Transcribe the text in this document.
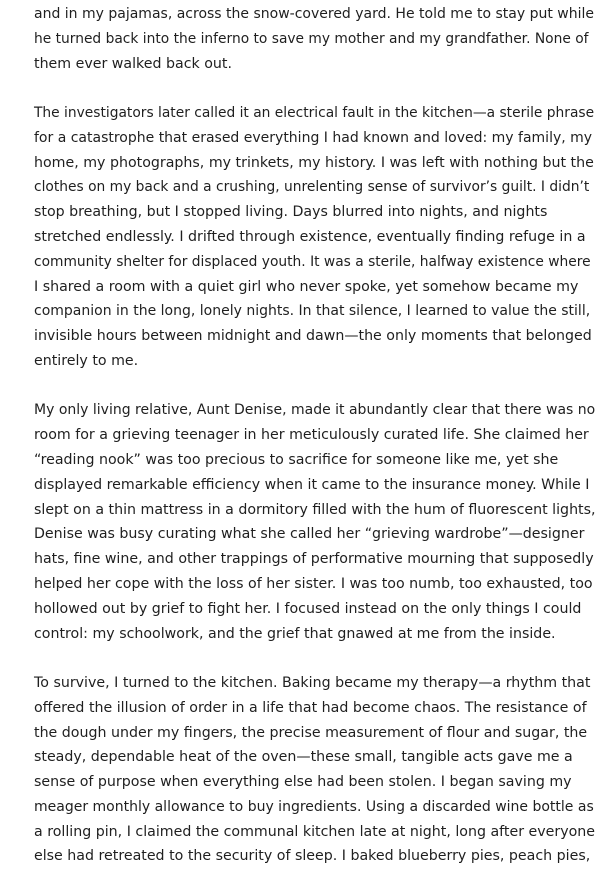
and in my pajamas, across the snow-covered yard. He told me to stay put while
he turned back into the inferno to save my mother and my grandfather. None of
them ever walked back out.
The investigators later called it an electrical fault in the kitchen—a sterile phrase
for a catastrophe that erased everything I had known and loved: my family, my
home, my photographs, my trinkets, my history. I was left with nothing but the
clothes on my back and a crushing, unrelenting sense of survivor’s guilt. I didn’t
stop breathing, but I stopped living. Days blurred into nights, and nights
stretched endlessly. I drifted through existence, eventually finding refuge in a
community shelter for displaced youth. It was a sterile, halfway existence where
I shared a room with a quiet girl who never spoke, yet somehow became my
companion in the long, lonely nights. In that silence, I learned to value the still,
invisible hours between midnight and dawn—the only moments that belonged
entirely to me.
My only living relative, Aunt Denise, made it abundantly clear that there was no
room for a grieving teenager in her meticulously curated life. She claimed her
“reading nook” was too precious to sacrifice for someone like me, yet she
displayed remarkable efficiency when it came to the insurance money. While I
slept on a thin mattress in a dormitory filled with the hum of fluorescent lights,
Denise was busy curating what she called her “grieving wardrobe”—designer
hats, fine wine, and other trappings of performative mourning that supposedly
helped her cope with the loss of her sister. I was too numb, too exhausted, too
hollowed out by grief to fight her. I focused instead on the only things I could
control: my schoolwork, and the grief that gnawed at me from the inside.
To survive, I turned to the kitchen. Baking became my therapy—a rhythm that
offered the illusion of order in a life that had become chaos. The resistance of
the dough under my fingers, the precise measurement of flour and sugar, the
steady, dependable heat of the oven—these small, tangible acts gave me a
sense of purpose when everything else had been stolen. I began saving my
meager monthly allowance to buy ingredients. Using a discarded wine bottle as
a rolling pin, I claimed the communal kitchen late at night, long after everyone
else had retreated to the security of sleep. I baked blueberry pies, peach pies,
